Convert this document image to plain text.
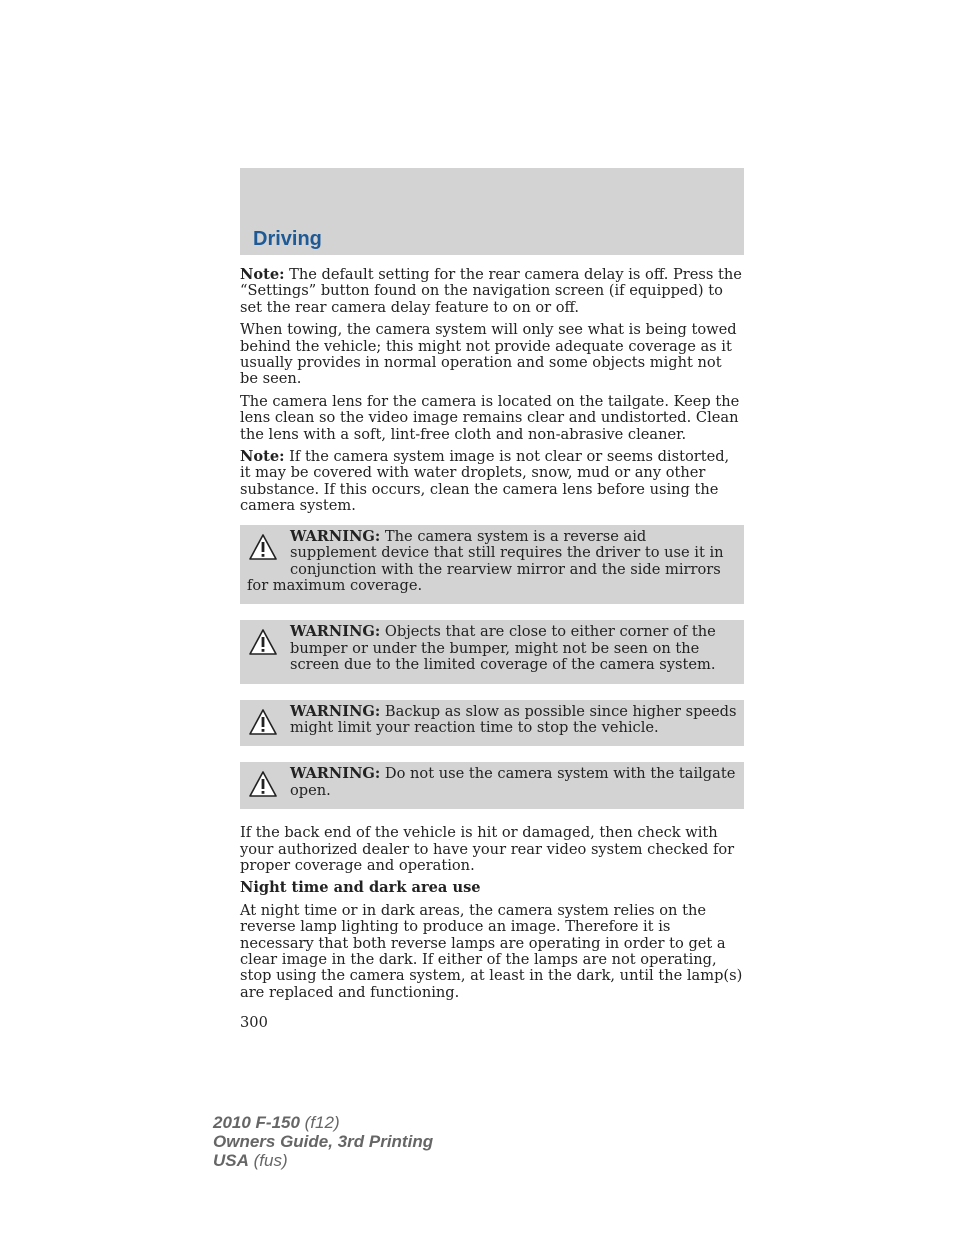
Driving

Note: The default setting for the rear camera delay is off. Press the “Settings” button found on the navigation screen (if equipped) to set the rear camera delay feature to on or off.

When towing, the camera system will only see what is being towed behind the vehicle; this might not provide adequate coverage as it usually provides in normal operation and some objects might not be seen.

The camera lens for the camera is located on the tailgate. Keep the lens clean so the video image remains clear and undistorted. Clean the lens with a soft, lint-free cloth and non-abrasive cleaner.

Note: If the camera system image is not clear or seems distorted, it may be covered with water droplets, snow, mud or any other substance. If this occurs, clean the camera lens before using the camera system.

WARNING: The camera system is a reverse aid supplement device that still requires the driver to use it in conjunction with the rearview mirror and the side mirrors for maximum coverage.

WARNING: Objects that are close to either corner of the bumper or under the bumper, might not be seen on the screen due to the limited coverage of the camera system.

WARNING: Backup as slow as possible since higher speeds might limit your reaction time to stop the vehicle.

WARNING: Do not use the camera system with the tailgate open.

If the back end of the vehicle is hit or damaged, then check with your authorized dealer to have your rear video system checked for proper coverage and operation.

Night time and dark area use

At night time or in dark areas, the camera system relies on the reverse lamp lighting to produce an image. Therefore it is necessary that both reverse lamps are operating in order to get a clear image in the dark. If either of the lamps are not operating, stop using the camera system, at least in the dark, until the lamp(s) are replaced and functioning.

300
2010 F-150 (f12)
Owners Guide, 3rd Printing
USA (fus)
